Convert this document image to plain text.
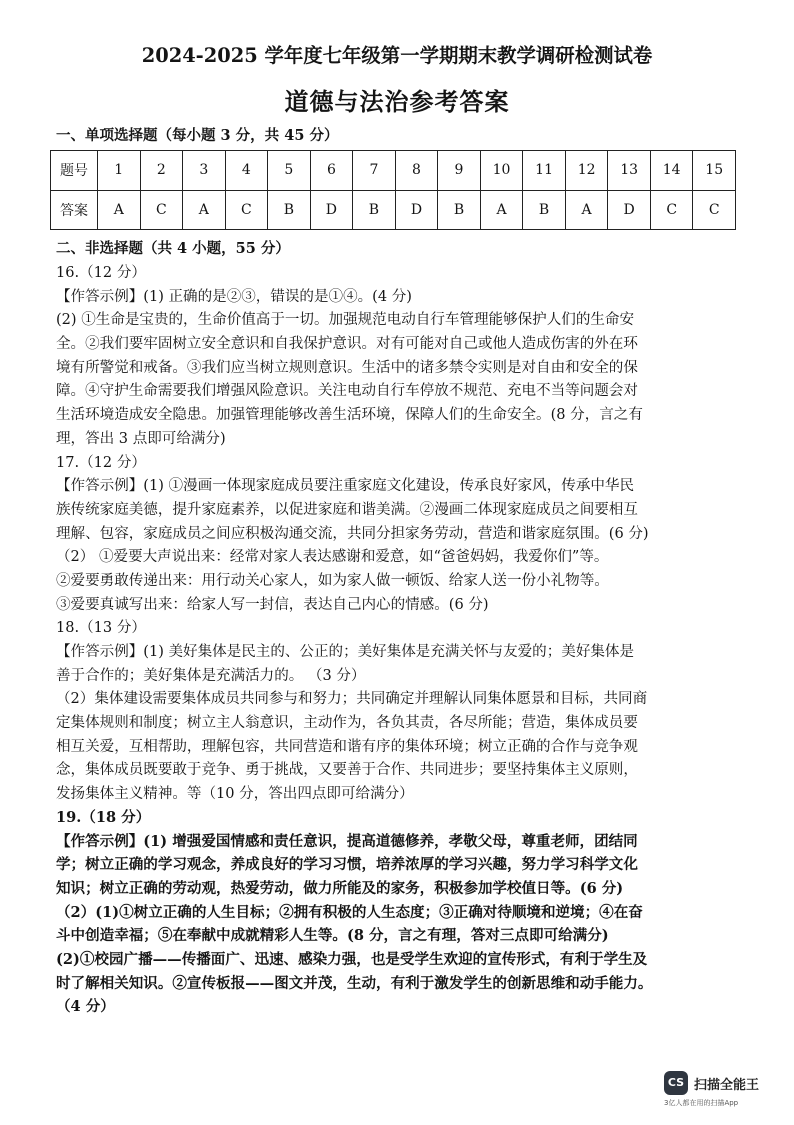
2024-2025 学年度七年级第一学期期末教学调研检测试卷
道德与法治参考答案
一、单项选择题（每小题 3 分，共 45 分）
题号	1	2	3	4	5	6	7	8	9	10	11	12	13	14	15
答案	A	C	A	C	B	D	B	D	B	A	B	A	D	C	C
二、非选择题（共 4 小题，55 分）
16.（12 分）
【作答示例】(1) 正确的是②③，错误的是①④。(4 分)
(2) ①生命是宝贵的，生命价值高于一切。加强规范电动自行车管理能够保护人们的生命安
全。②我们要牢固树立安全意识和自我保护意识。对有可能对自己或他人造成伤害的外在环
境有所警觉和戒备。③我们应当树立规则意识。生活中的诸多禁令实则是对自由和安全的保
障。④守护生命需要我们增强风险意识。关注电动自行车停放不规范、充电不当等问题会对
生活环境造成安全隐患。加强管理能够改善生活环境，保障人们的生命安全。(8 分，言之有
理，答出 3 点即可给满分)
17.（12 分）
【作答示例】(1) ①漫画一体现家庭成员要注重家庭文化建设，传承良好家风，传承中华民
族传统家庭美德，提升家庭素养，以促进家庭和谐美满。②漫画二体现家庭成员之间要相互
理解、包容，家庭成员之间应积极沟通交流，共同分担家务劳动，营造和谐家庭氛围。(6 分)
（2） ①爱要大声说出来：经常对家人表达感谢和爱意，如“爸爸妈妈，我爱你们”等。
②爱要勇敢传递出来：用行动关心家人，如为家人做一顿饭、给家人送一份小礼物等。
③爱要真诚写出来：给家人写一封信，表达自己内心的情感。(6 分)
18.（13 分）
【作答示例】(1) 美好集体是民主的、公正的；美好集体是充满关怀与友爱的；美好集体是
善于合作的；美好集体是充满活力的。 （3 分）
（2）集体建设需要集体成员共同参与和努力；共同确定并理解认同集体愿景和目标，共同商
定集体规则和制度；树立主人翁意识，主动作为，各负其责，各尽所能；营造，集体成员要
相互关爱，互相帮助，理解包容，共同营造和谐有序的集体环境；树立正确的合作与竞争观
念，集体成员既要敢于竞争、勇于挑战，又要善于合作、共同进步；要坚持集体主义原则，
发扬集体主义精神。等（10 分，答出四点即可给满分）
19.（18 分）
【作答示例】(1) 增强爱国情感和责任意识，提高道德修养，孝敬父母，尊重老师，团结同
学；树立正确的学习观念，养成良好的学习习惯，培养浓厚的学习兴趣，努力学习科学文化
知识；树立正确的劳动观，热爱劳动，做力所能及的家务，积极参加学校值日等。(6 分)
（2）(1)①树立正确的人生目标；②拥有积极的人生态度；③正确对待顺境和逆境；④在奋
斗中创造幸福；⑤在奉献中成就精彩人生等。(8 分，言之有理，答对三点即可给满分)
(2)①校园广播——传播面广、迅速、感染力强，也是受学生欢迎的宣传形式，有利于学生及
时了解相关知识。②宣传板报——图文并茂，生动，有利于激发学生的创新思维和动手能力。
（4 分）
CS 扫描全能王
3亿人都在用的扫描App
